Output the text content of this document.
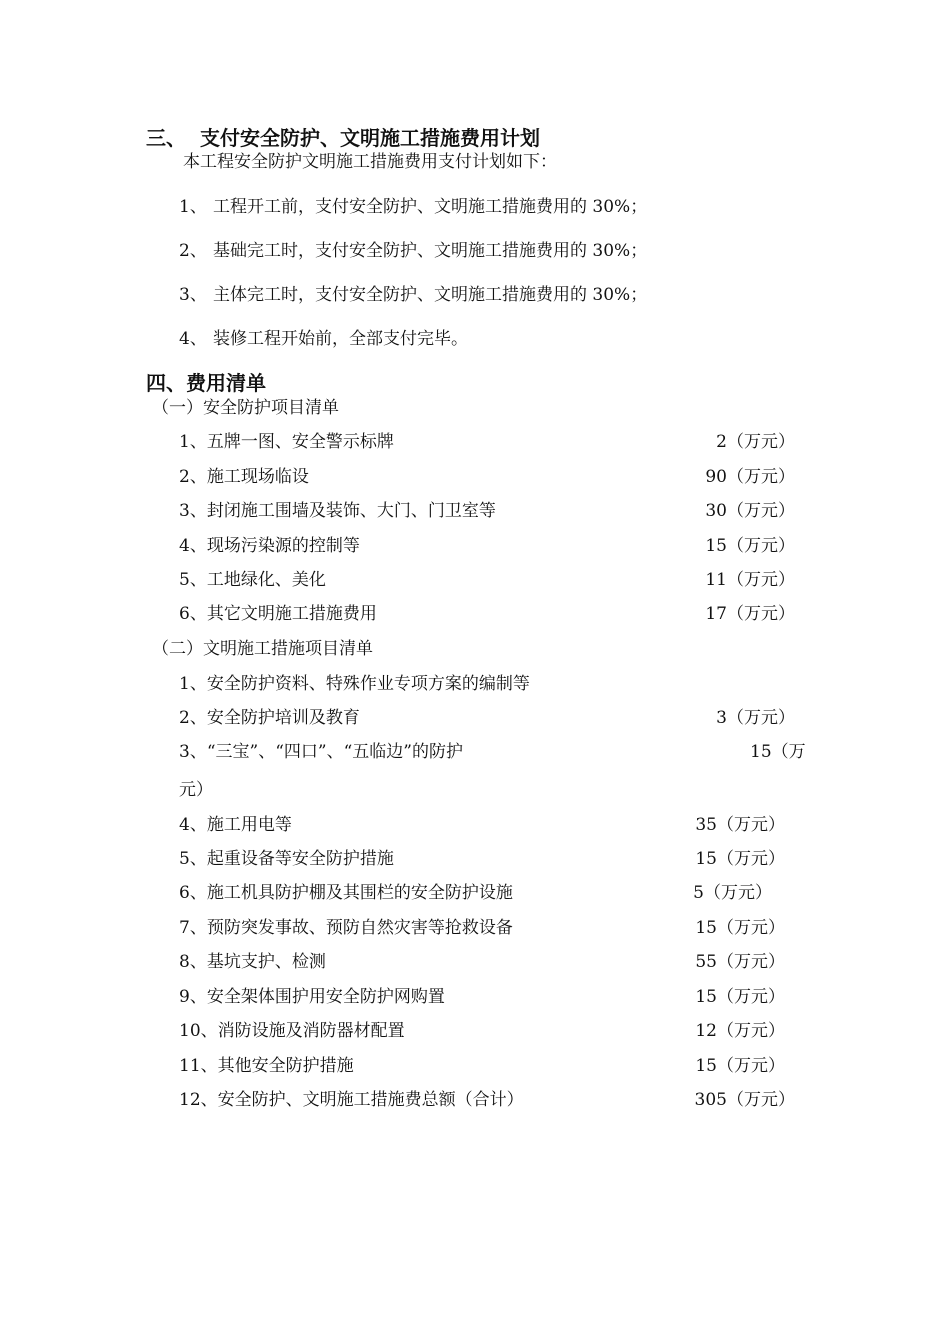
三、 支付安全防护、文明施工措施费用计划
本工程安全防护文明施工措施费用支付计划如下：
1、 工程开工前，支付安全防护、文明施工措施费用的 30%；
2、 基础完工时，支付安全防护、文明施工措施费用的 30%；
3、 主体完工时，支付安全防护、文明施工措施费用的 30%；
4、 装修工程开始前，全部支付完毕。
四、费用清单
（一）安全防护项目清单
1、五牌一图、安全警示标牌	2（万元）
2、施工现场临设	90（万元）
3、封闭施工围墙及装饰、大门、门卫室等	30（万元）
4、现场污染源的控制等	15（万元）
5、工地绿化、美化	11（万元）
6、其它文明施工措施费用	17（万元）
（二）文明施工措施项目清单
1、安全防护资料、特殊作业专项方案的编制等
2、安全防护培训及教育	3（万元）
3、“三宝”、“四口”、“五临边”的防护	15（万
元）
4、施工用电等	35（万元）
5、起重设备等安全防护措施	15（万元）
6、施工机具防护棚及其围栏的安全防护设施	5（万元）
7、预防突发事故、预防自然灾害等抢救设备	15（万元）
8、基坑支护、检测	55（万元）
9、安全架体围护用安全防护网购置	15（万元）
10、消防设施及消防器材配置	12（万元）
11、其他安全防护措施	15（万元）
12、安全防护、文明施工措施费总额（合计）	305（万元）
